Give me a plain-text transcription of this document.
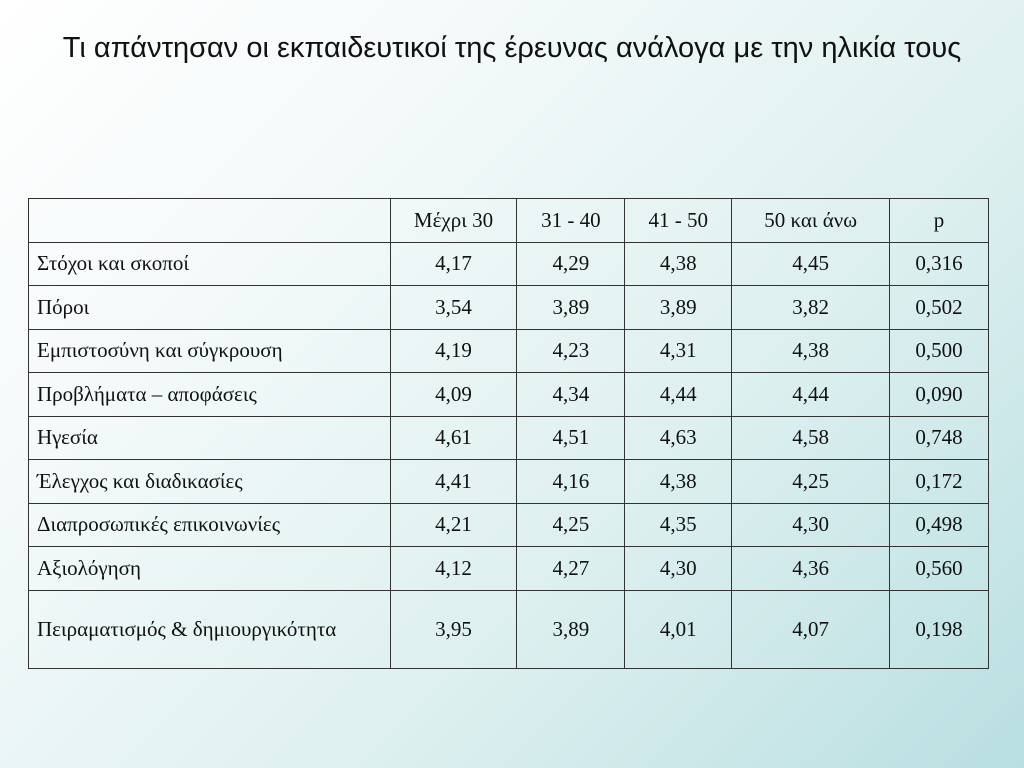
Τι απάντησαν οι εκπαιδευτικοί της έρευνας ανάλογα με την ηλικία τους
	Μέχρι 30	31 - 40	41 - 50	50 και άνω	p
Στόχοι και σκοποί	4,17	4,29	4,38	4,45	0,316
Πόροι	3,54	3,89	3,89	3,82	0,502
Εμπιστοσύνη και σύγκρουση	4,19	4,23	4,31	4,38	0,500
Προβλήματα – αποφάσεις	4,09	4,34	4,44	4,44	0,090
Ηγεσία	4,61	4,51	4,63	4,58	0,748
Έλεγχος και διαδικασίες	4,41	4,16	4,38	4,25	0,172
Διαπροσωπικές επικοινωνίες	4,21	4,25	4,35	4,30	0,498
Αξιολόγηση	4,12	4,27	4,30	4,36	0,560
Πειραματισμός & δημιουργικότητα	3,95	3,89	4,01	4,07	0,198
